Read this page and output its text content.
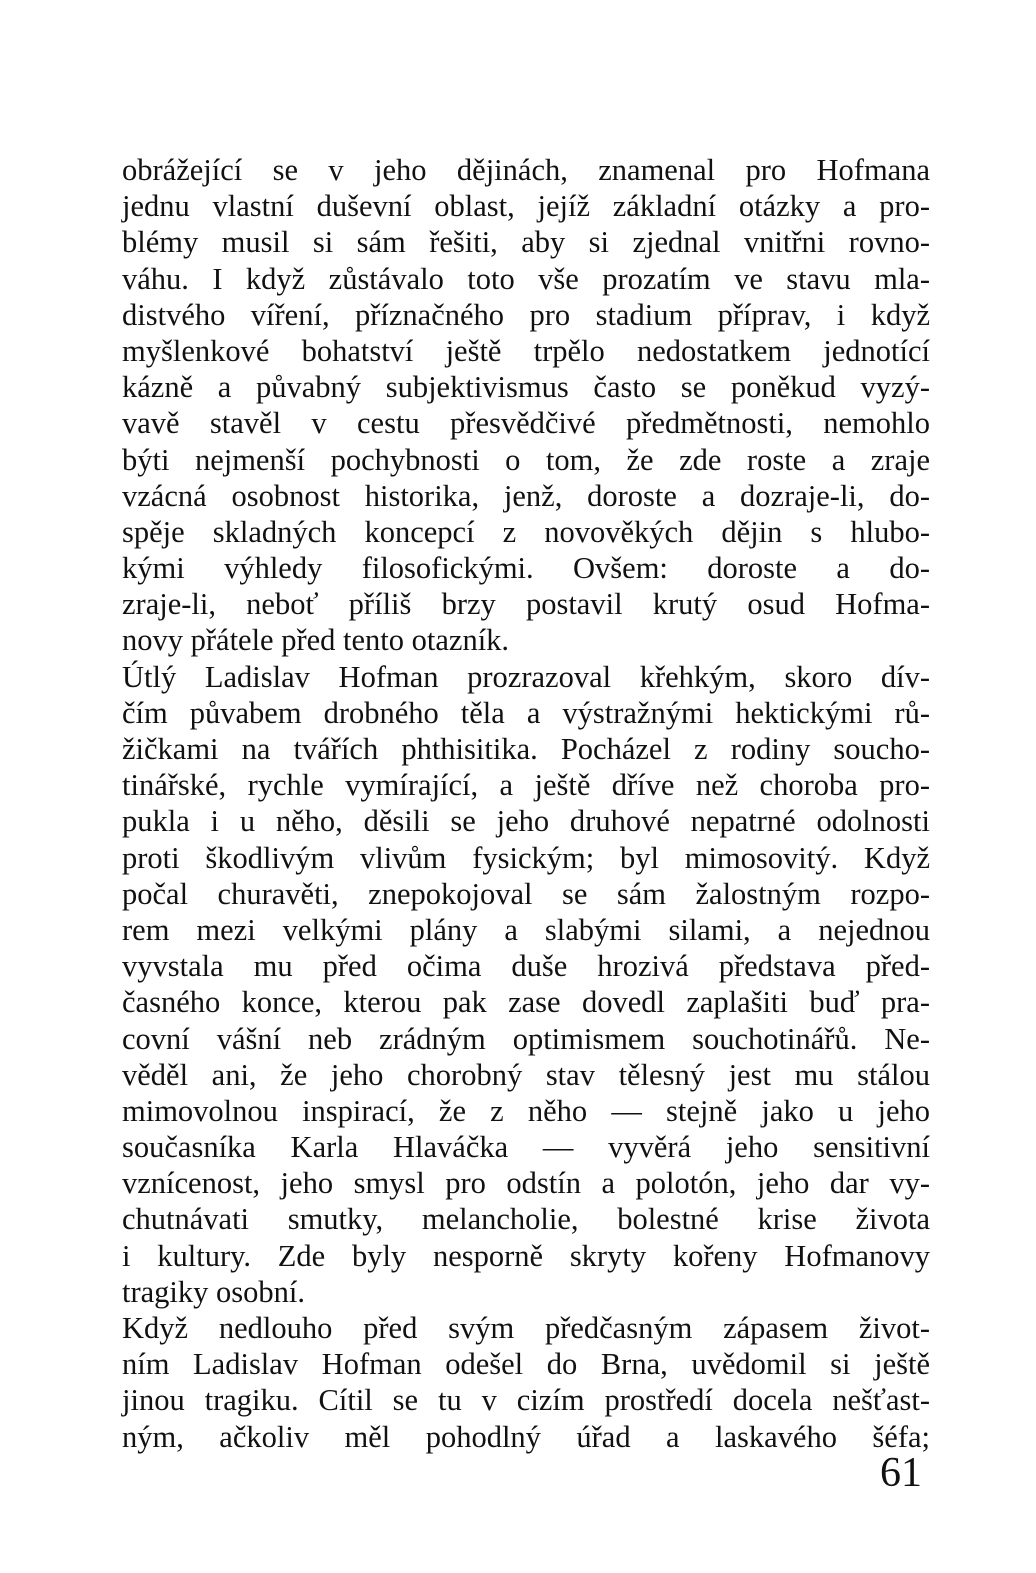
obrážející se v jeho dějinách, znamenal pro Hofmana
jednu vlastní duševní oblast, jejíž základní otázky a pro-
blémy musil si sám řešiti, aby si zjednal vnitřni rovno-
váhu. I když zůstávalo toto vše prozatím ve stavu mla-
distvého víření, příznačného pro stadium příprav, i když
myšlenkové bohatství ještě trpělo nedostatkem jednotící
kázně a půvabný subjektivismus často se poněkud vyzý-
vavě stavěl v cestu přesvědčivé předmětnosti, nemohlo
býti nejmenší pochybnosti o tom, že zde roste a zraje
vzácná osobnost historika, jenž, doroste a dozraje-li, do-
spěje skladných koncepcí z novověkých dějin s hlubo-
kými výhledy filosofickými. Ovšem: doroste a do-
zraje-li, neboť příliš brzy postavil krutý osud Hofma-
novy přátele před tento otazník.
Útlý Ladislav Hofman prozrazoval křehkým, skoro dív-
čím půvabem drobného těla a výstražnými hektickými rů-
žičkami na tvářích phthisitika. Pocházel z rodiny soucho-
tinářské, rychle vymírající, a ještě dříve než choroba pro-
pukla i u něho, děsili se jeho druhové nepatrné odolnosti
proti škodlivým vlivům fysickým; byl mimosovitý. Když
počal churavěti, znepokojoval se sám žalostným rozpo-
rem mezi velkými plány a slabými silami, a nejednou
vyvstala mu před očima duše hrozivá představa před-
časného konce, kterou pak zase dovedl zaplašiti buď pra-
covní vášní neb zrádným optimismem souchotinářů. Ne-
věděl ani, že jeho chorobný stav tělesný jest mu stálou
mimovolnou inspirací, že z něho — stejně jako u jeho
současníka Karla Hlaváčka — vyvěrá jeho sensitivní
vznícenost, jeho smysl pro odstín a polotón, jeho dar vy-
chutnávati smutky, melancholie, bolestné krise života
i kultury. Zde byly nesporně skryty kořeny Hofmanovy
tragiky osobní.
Když nedlouho před svým předčasným zápasem život-
ním Ladislav Hofman odešel do Brna, uvědomil si ještě
jinou tragiku. Cítil se tu v cizím prostředí docela nešťast-
ným, ačkoliv měl pohodlný úřad a laskavého šéfa;
61
